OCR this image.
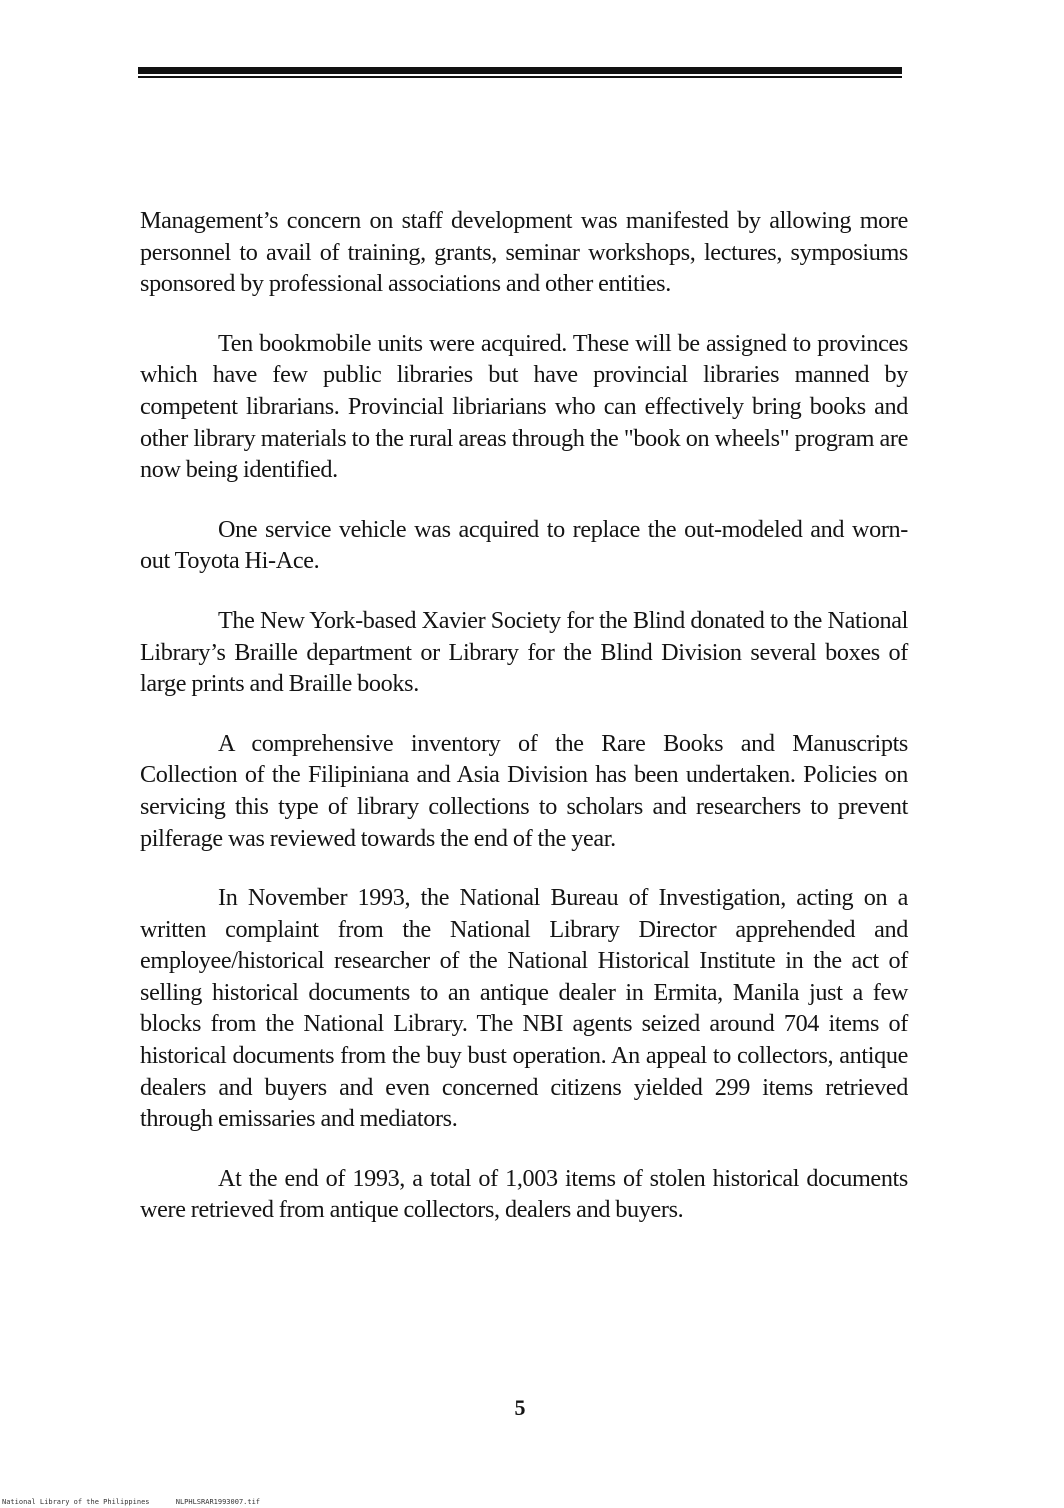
Management’s concern on staff development was manifested by allowing more personnel to avail of training, grants, seminar workshops, lectures, symposiums sponsored by professional associations and other entities.

Ten bookmobile units were acquired. These will be assigned to provinces which have few public libraries but have provincial libraries manned by competent librarians. Provincial libriarians who can effectively bring books and other library materials to the rural areas through the "book on wheels" program are now being identified.

One service vehicle was acquired to replace the out-modeled and worn-out Toyota Hi-Ace.

The New York-based Xavier Society for the Blind donated to the National Library’s Braille department or Library for the Blind Division several boxes of large prints and Braille books.

A comprehensive inventory of the Rare Books and Manuscripts Collection of the Filipiniana and Asia Division has been undertaken. Policies on servicing this type of library collections to scholars and researchers to prevent pilferage was reviewed towards the end of the year.

In November 1993, the National Bureau of Investigation, acting on a written complaint from the National Library Director apprehended and employee/historical researcher of the National Historical Institute in the act of selling historical documents to an antique dealer in Ermita, Manila just a few blocks from the National Library. The NBI agents seized around 704 items of historical documents from the buy bust operation. An appeal to collectors, antique dealers and buyers and even concerned citizens yielded 299 items retrieved through emissaries and mediators.

At the end of 1993, a total of 1,003 items of stolen historical documents were retrieved from antique collectors, dealers and buyers.

5
National Library of the Philippines	NLPHLSRAR1993007.tif
